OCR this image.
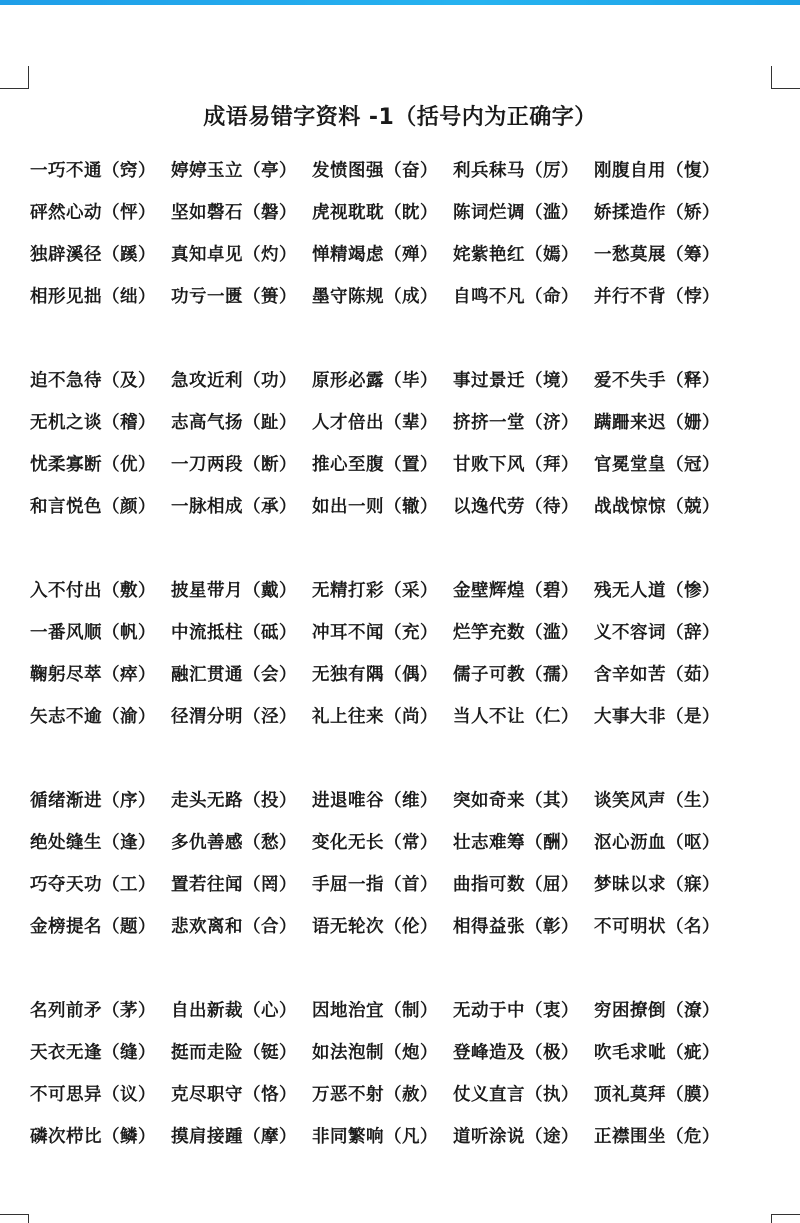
成语易错字资料 -1（括号内为正确字）
一巧不通（窍） 婷婷玉立（亭） 发愤图强（奋） 利兵秣马（厉） 刚腹自用（愎）
砰然心动（怦） 坚如磬石（磐） 虎视耽耽（眈） 陈词烂调（滥） 娇揉造作（矫）
独辟溪径（蹊） 真知卓见（灼） 惮精竭虑（殚） 姹紫艳红（嫣） 一愁莫展（筹）
相形见拙（绌） 功亏一匮（篑） 墨守陈规（成） 自鸣不凡（命） 并行不背（悖）
迫不急待（及） 急攻近利（功） 原形必露（毕） 事过景迁（境） 爱不失手（释）
无机之谈（稽） 志高气扬（趾） 人才倍出（辈） 挤挤一堂（济） 蹒跚来迟（姗）
忧柔寡断（优） 一刀两段（断） 推心至腹（置） 甘败下风（拜） 官冕堂皇（冠）
和言悦色（颜） 一脉相成（承） 如出一则（辙） 以逸代劳（待） 战战惊惊（兢）
入不付出（敷） 披星带月（戴） 无精打彩（采） 金壁辉煌（碧） 残无人道（惨）
一番风顺（帆） 中流抵柱（砥） 冲耳不闻（充） 烂竽充数（滥） 义不容词（辞）
鞠躬尽萃（瘁） 融汇贯通（会） 无独有隅（偶） 儒子可教（孺） 含辛如苦（茹）
矢志不逾（渝） 径渭分明（泾） 礼上往来（尚） 当人不让（仁） 大事大非（是）
循绪渐进（序） 走头无路（投） 进退唯谷（维） 突如奇来（其） 谈笑风声（生）
绝处缝生（逢） 多仇善感（愁） 变化无长（常） 壮志难筹（酬） 沤心沥血（呕）
巧夺天功（工） 置若往闻（罔） 手屈一指（首） 曲指可数（屈） 梦昧以求（寐）
金榜提名（题） 悲欢离和（合） 语无轮次（伦） 相得益张（彰） 不可明状（名）
名列前矛（茅） 自出新裁（心） 因地治宜（制） 无动于中（衷） 穷困撩倒（潦）
天衣无逢（缝） 挺而走险（铤） 如法泡制（炮） 登峰造及（极） 吹毛求呲（疵）
不可思异（议） 克尽职守（恪） 万恶不射（赦） 仗义直言（执） 顶礼莫拜（膜）
磷次栉比（鳞） 摸肩接踵（摩） 非同繁响（凡） 道听涂说（途） 正襟围坐（危）
